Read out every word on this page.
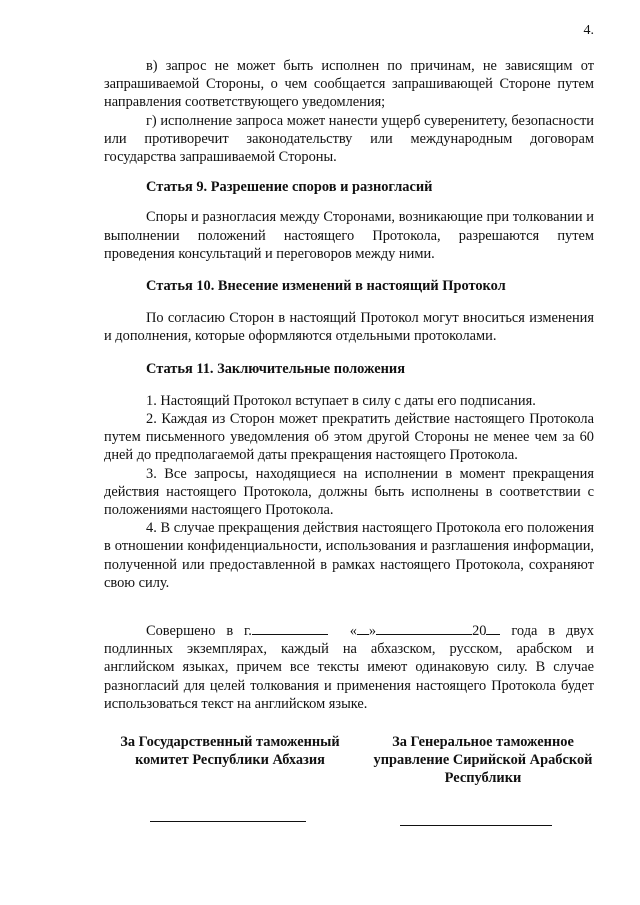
4.

в) запрос не может быть исполнен по причинам, не зависящим от запрашиваемой Стороны, о чем сообщается запрашивающей Стороне путем направления соответствующего уведомления;

г) исполнение запроса может нанести ущерб суверенитету, безопасности или противоречит законодательству или международным договорам государства запрашиваемой Стороны.

Статья 9. Разрешение споров и разногласий

Споры и разногласия между Сторонами, возникающие при толковании и выполнении положений настоящего Протокола, разрешаются путем проведения консультаций и переговоров между ними.

Статья 10. Внесение изменений в настоящий Протокол

По согласию Сторон в настоящий Протокол могут вноситься изменения и дополнения, которые оформляются отдельными протоколами.

Статья 11. Заключительные положения

1. Настоящий Протокол вступает в силу с даты его подписания.

2. Каждая из Сторон может прекратить действие настоящего Протокола путем письменного уведомления об этом другой Стороны не менее чем за 60 дней до предполагаемой даты прекращения настоящего Протокола.

3. Все запросы, находящиеся на исполнении в момент прекращения действия настоящего Протокола, должны быть исполнены в соответствии с положениями настоящего Протокола.

4. В случае прекращения действия настоящего Протокола его положения в отношении конфиденциальности, использования и разглашения информации, полученной или предоставленной в рамках настоящего Протокола, сохраняют свою силу.

Совершено в г.	« »	20 года в двух подлинных экземплярах, каждый на абхазском, русском, арабском и английском языках, причем все тексты имеют одинаковую силу. В случае разногласий для целей толкования и применения настоящего Протокола будет использоваться текст на английском языке.

За Государственный таможенный комитет Республики Абхазия
За Генеральное таможенное управление Сирийской Арабской Республики
